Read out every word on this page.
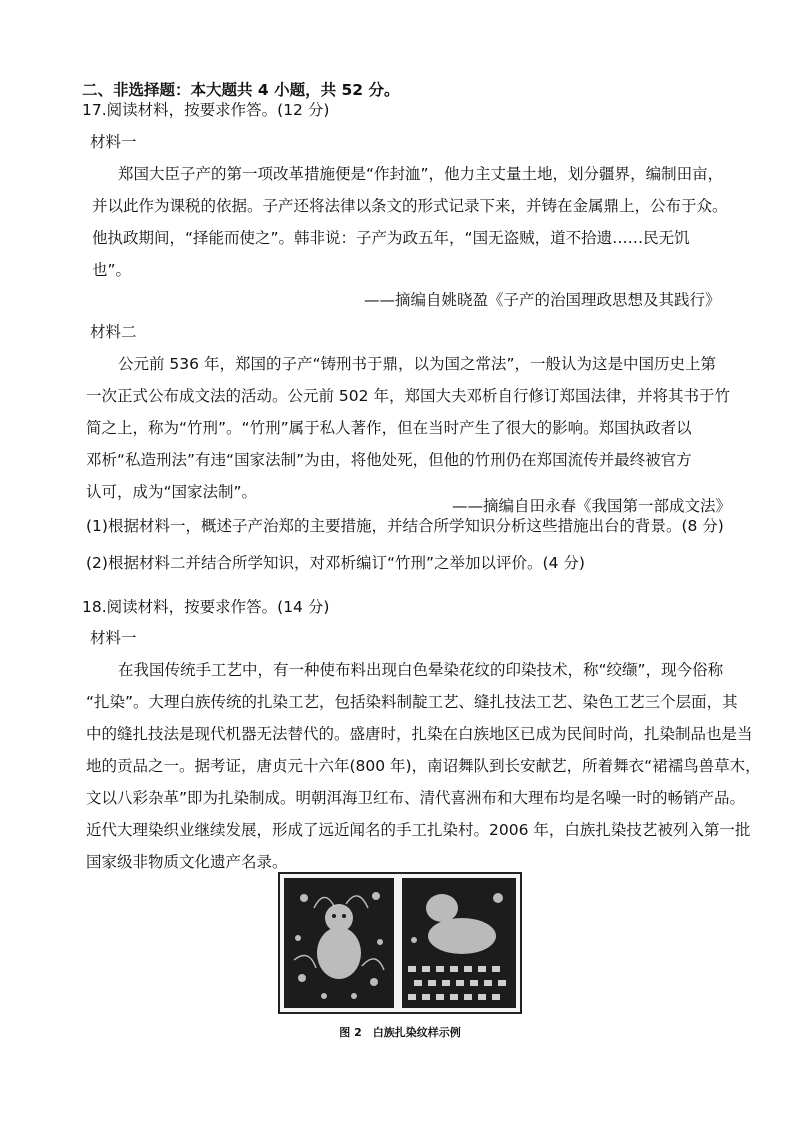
二、非选择题：本大题共 4 小题，共 52 分。
17.阅读材料，按要求作答。(12 分)
材料一
郑国大臣子产的第一项改革措施便是“作封洫”，他力主丈量土地，划分疆界，编制田亩，
并以此作为课税的依据。子产还将法律以条文的形式记录下来，并铸在金属鼎上，公布于众。
他执政期间，“择能而使之”。韩非说：子产为政五年，“国无盗贼，道不拾遗……民无饥
也”。
——摘编自姚晓盈《子产的治国理政思想及其践行》
材料二
公元前 536 年，郑国的子产“铸刑书于鼎，以为国之常法”，一般认为这是中国历史上第
一次正式公布成文法的活动。公元前 502 年，郑国大夫邓析自行修订郑国法律，并将其书于竹
简之上，称为“竹刑”。“竹刑”属于私人著作，但在当时产生了很大的影响。郑国执政者以
邓析“私造刑法”有违“国家法制”为由，将他处死，但他的竹刑仍在郑国流传并最终被官方
认可，成为“国家法制”。
——摘编自田永春《我国第一部成文法》
(1)根据材料一，概述子产治郑的主要措施，并结合所学知识分析这些措施出台的背景。(8 分)
(2)根据材料二并结合所学知识，对邓析编订“竹刑”之举加以评价。(4 分)
18.阅读材料，按要求作答。(14 分)
材料一
在我国传统手工艺中，有一种使布料出现白色晕染花纹的印染技术，称“绞缬”，现今俗称
“扎染”。大理白族传统的扎染工艺，包括染料制靛工艺、缝扎技法工艺、染色工艺三个层面，其
中的缝扎技法是现代机器无法替代的。盛唐时，扎染在白族地区已成为民间时尚，扎染制品也是当
地的贡品之一。据考证，唐贞元十六年(800 年)，南诏舞队到长安献艺，所着舞衣“裙襦鸟兽草木，
文以八彩杂革”即为扎染制成。明朝洱海卫红布、清代喜洲布和大理布均是名噪一时的畅销产品。
近代大理染织业继续发展，形成了远近闻名的手工扎染村。2006 年，白族扎染技艺被列入第一批
国家级非物质文化遗产名录。
图 2　白族扎染纹样示例
